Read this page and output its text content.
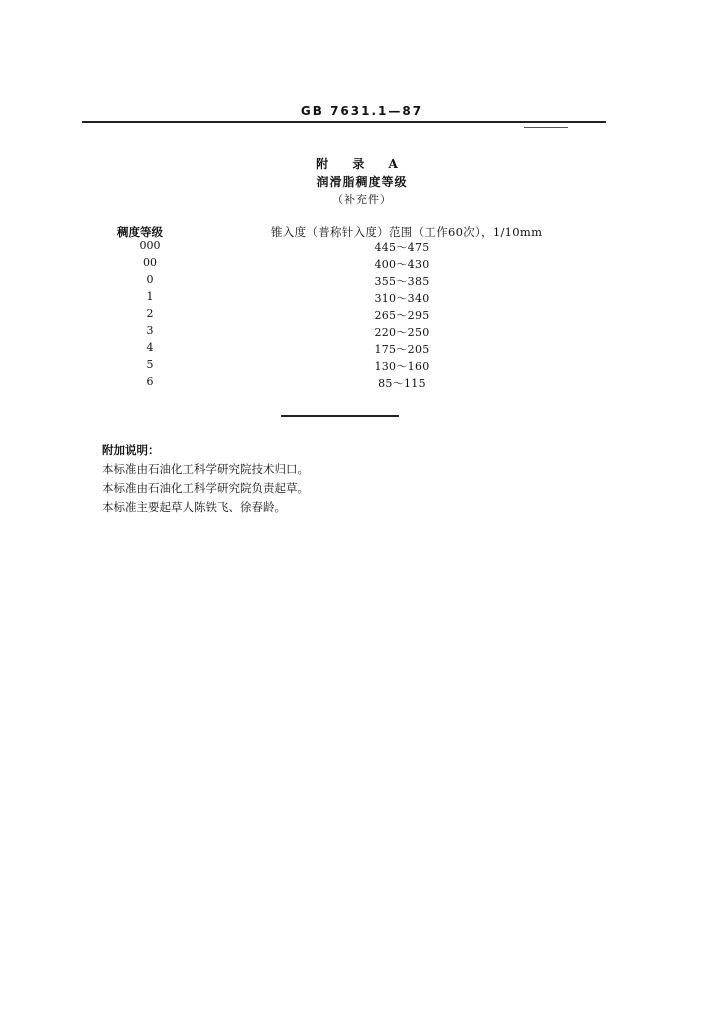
GB 7631.1—87
附 录 A
润滑脂稠度等级
（补充件）
稠度等级	锥入度（普称针入度）范围（工作60次），1/10mm
000	445～475
00	400～430
0	355～385
1	310～340
2	265～295
3	220～250
4	175～205
5	130～160
6	85～115
附加说明：
本标准由石油化工科学研究院技术归口。
本标准由石油化工科学研究院负责起草。
本标准主要起草人陈铁飞、徐春龄。
